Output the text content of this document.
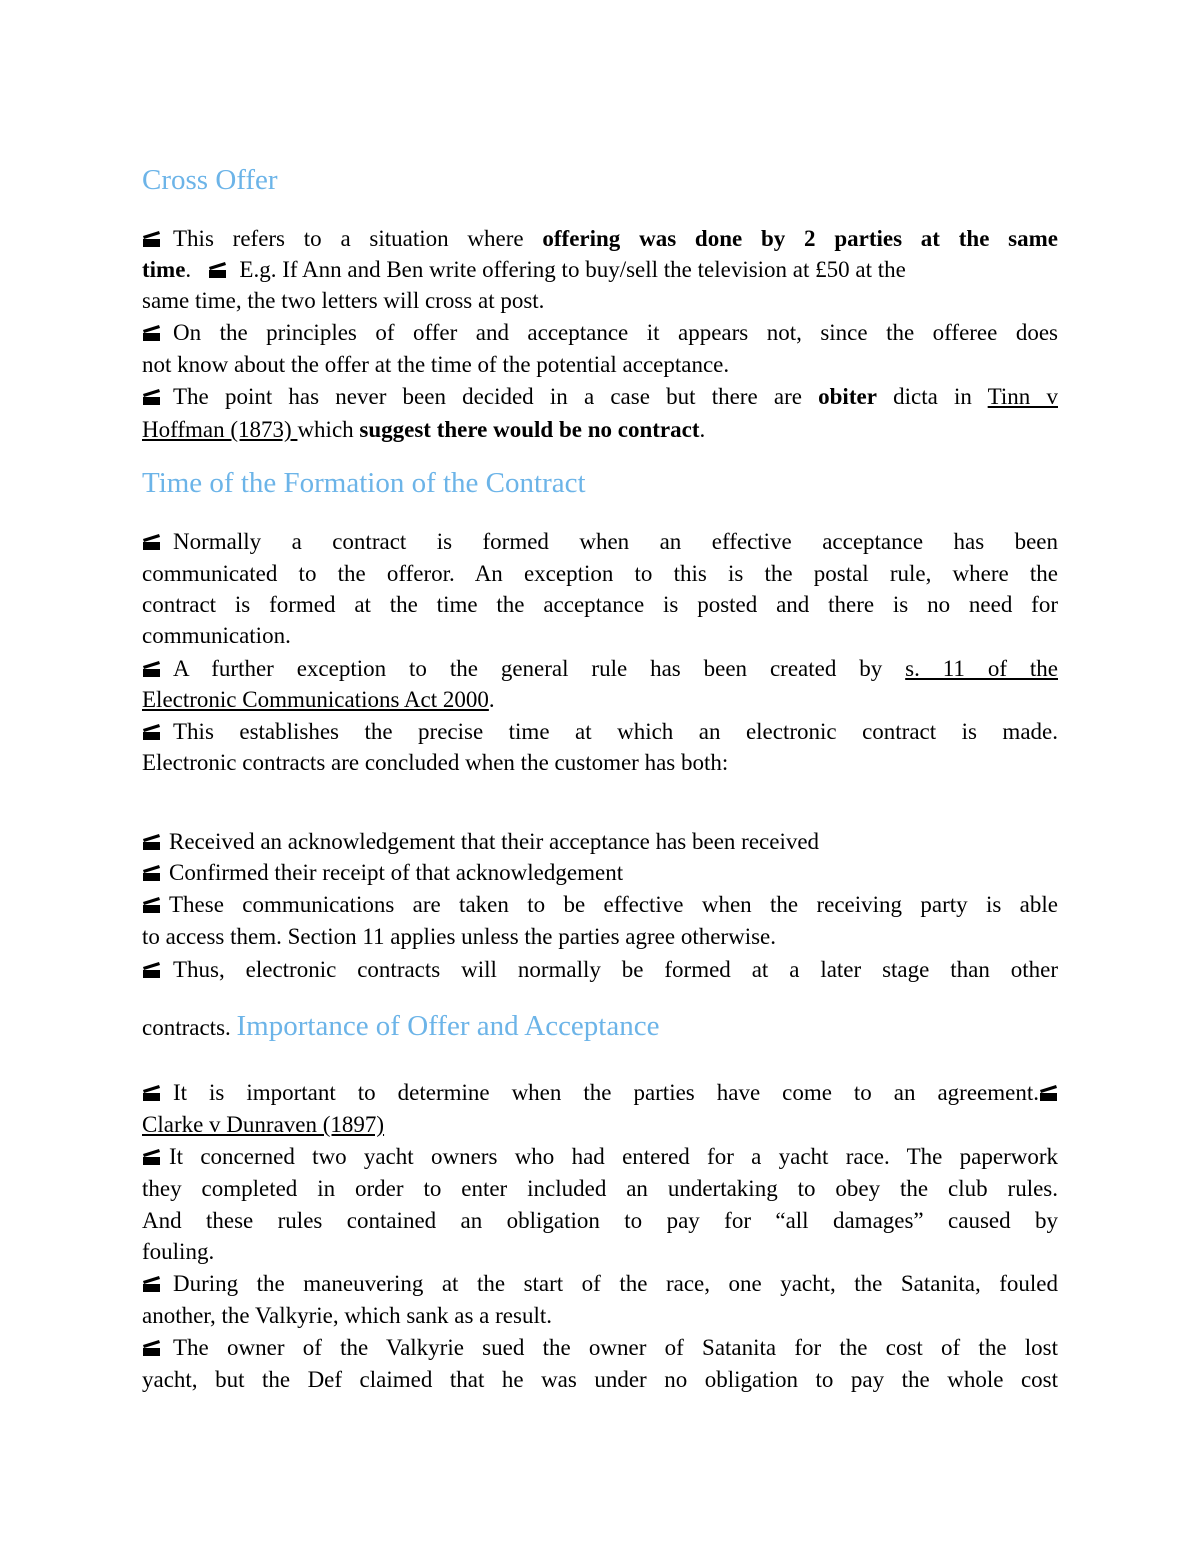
Cross Offer
This refers to a situation where offering was done by 2 parties at the same
time. E.g. If Ann and Ben write offering to buy/sell the television at £50 at the
same time, the two letters will cross at post.
On the principles of offer and acceptance it appears not, since the offeree does
not know about the offer at the time of the potential acceptance.
The point has never been decided in a case but there are obiter dicta in Tinn v
Hoffman (1873) which suggest there would be no contract.
Time of the Formation of the Contract
Normally a contract is formed when an effective acceptance has been
communicated to the offeror. An exception to this is the postal rule, where the
contract is formed at the time the acceptance is posted and there is no need for
communication.
A further exception to the general rule has been created by s. 11 of the
Electronic Communications Act 2000.
This establishes the precise time at which an electronic contract is made.
Electronic contracts are concluded when the customer has both:
Received an acknowledgement that their acceptance has been received
Confirmed their receipt of that acknowledgement
These communications are taken to be effective when the receiving party is able
to access them. Section 11 applies unless the parties agree otherwise.
Thus, electronic contracts will normally be formed at a later stage than other
contracts. Importance of Offer and Acceptance
It is important to determine when the parties have come to an agreement.
Clarke v Dunraven (1897)
It concerned two yacht owners who had entered for a yacht race. The paperwork
they completed in order to enter included an undertaking to obey the club rules.
And these rules contained an obligation to pay for “all damages” caused by
fouling.
During the maneuvering at the start of the race, one yacht, the Satanita, fouled
another, the Valkyrie, which sank as a result.
The owner of the Valkyrie sued the owner of Satanita for the cost of the lost
yacht, but the Def claimed that he was under no obligation to pay the whole cost
